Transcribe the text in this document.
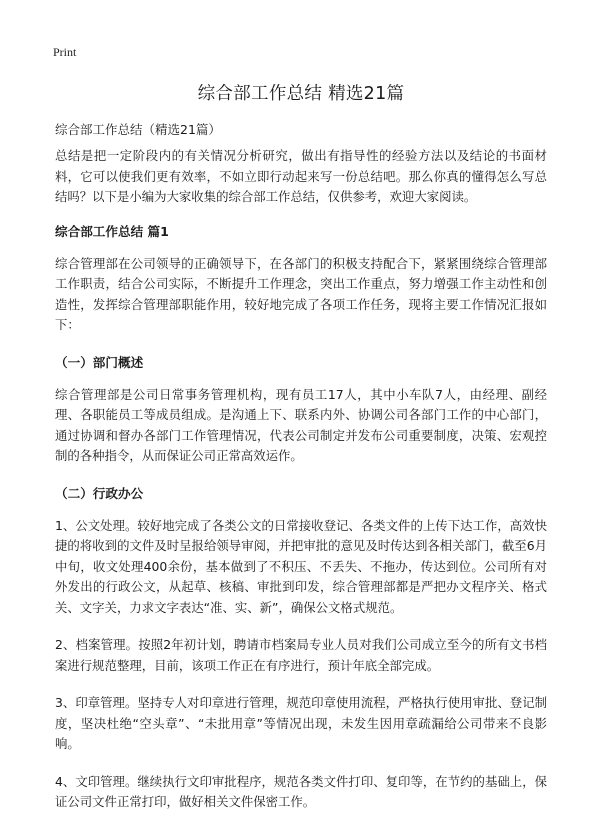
Print
综合部工作总结 精选21篇
综合部工作总结（精选21篇）

总结是把一定阶段内的有关情况分析研究，做出有指导性的经验方法以及结论的书面材料，它可以使我们更有效率，不如立即行动起来写一份总结吧。那么你真的懂得怎么写总结吗？以下是小编为大家收集的综合部工作总结，仅供参考，欢迎大家阅读。

综合部工作总结 篇1

综合管理部在公司领导的正确领导下，在各部门的积极支持配合下，紧紧围绕综合管理部工作职责，结合公司实际，不断提升工作理念，突出工作重点，努力增强工作主动性和创造性，发挥综合管理部职能作用，较好地完成了各项工作任务，现将主要工作情况汇报如下：

（一）部门概述

综合管理部是公司日常事务管理机构，现有员工17人，其中小车队7人，由经理、副经理、各职能员工等成员组成。是沟通上下、联系内外、协调公司各部门工作的中心部门，通过协调和督办各部门工作管理情况，代表公司制定并发布公司重要制度，决策、宏观控制的各种指令，从而保证公司正常高效运作。

（二）行政办公

1、公文处理。较好地完成了各类公文的日常接收登记、各类文件的上传下达工作，高效快捷的将收到的文件及时呈报给领导审阅，并把审批的意见及时传达到各相关部门，截至6月中旬，收文处理400余份，基本做到了不积压、不丢失、不拖办，传达到位。公司所有对外发出的行政公文，从起草、核稿、审批到印发，综合管理部都是严把办文程序关、格式关、文字关，力求文字表达“准、实、新”，确保公文格式规范。

2、档案管理。按照2年初计划，聘请市档案局专业人员对我们公司成立至今的所有文书档案进行规范整理，目前，该项工作正在有序进行，预计年底全部完成。

3、印章管理。坚持专人对印章进行管理，规范印章使用流程，严格执行使用审批、登记制度，坚决杜绝“空头章”、“未批用章”等情况出现，未发生因用章疏漏给公司带来不良影响。

4、文印管理。继续执行文印审批程序，规范各类文件打印、复印等，在节约的基础上，保证公司文件正常打印，做好相关文件保密工作。
